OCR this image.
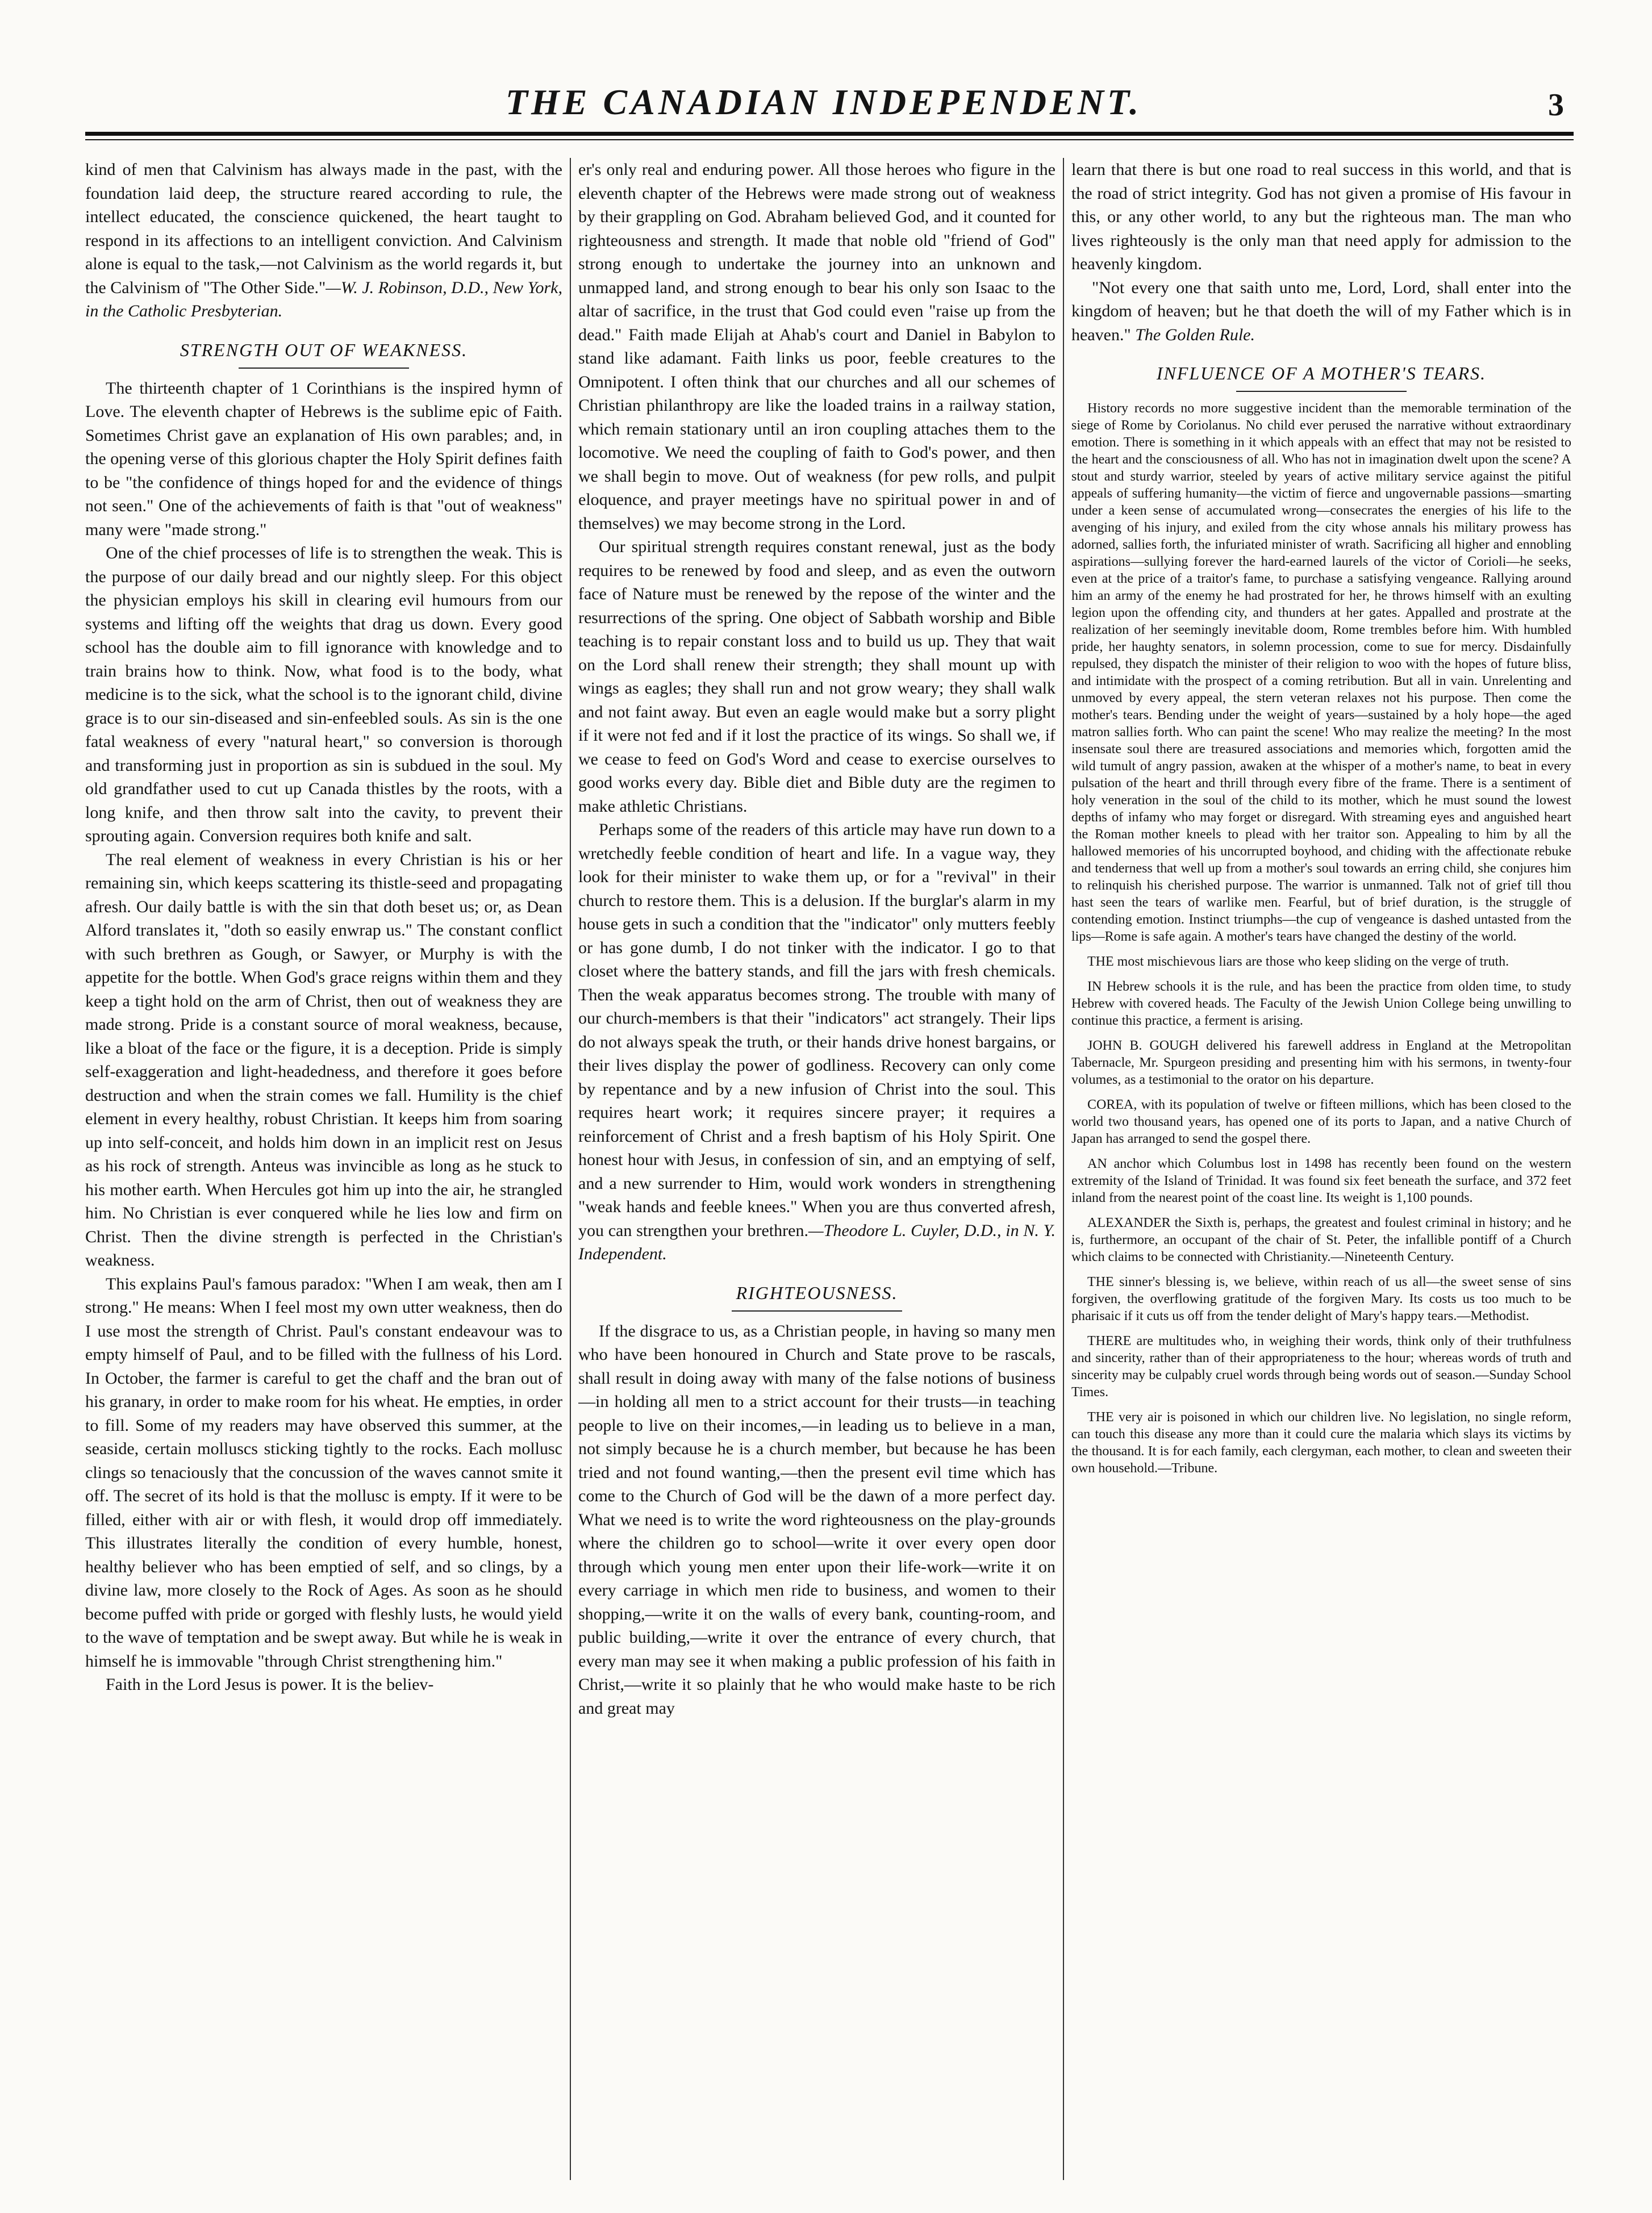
THE CANADIAN INDEPENDENT.	3

kind of men that Calvinism has always made in the past, with the foundation laid deep, the structure reared according to rule, the intellect educated, the conscience quickened, the heart taught to respond in its affections to an intelligent conviction. And Calvinism alone is equal to the task,—not Calvinism as the world regards it, but the Calvinism of "The Other Side."—W. J. Robinson, D.D., New York, in the Catholic Presbyterian.

STRENGTH OUT OF WEAKNESS.

The thirteenth chapter of 1 Corinthians is the inspired hymn of Love. The eleventh chapter of Hebrews is the sublime epic of Faith. Sometimes Christ gave an explanation of His own parables; and, in the opening verse of this glorious chapter the Holy Spirit defines faith to be "the confidence of things hoped for and the evidence of things not seen." One of the achievements of faith is that "out of weakness" many were "made strong."

One of the chief processes of life is to strengthen the weak. This is the purpose of our daily bread and our nightly sleep. For this object the physician employs his skill in clearing evil humours from our systems and lifting off the weights that drag us down. Every good school has the double aim to fill ignorance with knowledge and to train brains how to think. Now, what food is to the body, what medicine is to the sick, what the school is to the ignorant child, divine grace is to our sin-diseased and sin-enfeebled souls. As sin is the one fatal weakness of every "natural heart," so conversion is thorough and transforming just in proportion as sin is subdued in the soul. My old grandfather used to cut up Canada thistles by the roots, with a long knife, and then throw salt into the cavity, to prevent their sprouting again. Conversion requires both knife and salt.

The real element of weakness in every Christian is his or her remaining sin, which keeps scattering its thistle-seed and propagating afresh. Our daily battle is with the sin that doth beset us; or, as Dean Alford translates it, "doth so easily enwrap us." The constant conflict with such brethren as Gough, or Sawyer, or Murphy is with the appetite for the bottle. When God's grace reigns within them and they keep a tight hold on the arm of Christ, then out of weakness they are made strong. Pride is a constant source of moral weakness, because, like a bloat of the face or the figure, it is a deception. Pride is simply self-exaggeration and light-headedness, and therefore it goes before destruction and when the strain comes we fall. Humility is the chief element in every healthy, robust Christian. It keeps him from soaring up into self-conceit, and holds him down in an implicit rest on Jesus as his rock of strength. Anteus was invincible as long as he stuck to his mother earth. When Hercules got him up into the air, he strangled him. No Christian is ever conquered while he lies low and firm on Christ. Then the divine strength is perfected in the Christian's weakness.

This explains Paul's famous paradox: "When I am weak, then am I strong." He means: When I feel most my own utter weakness, then do I use most the strength of Christ. Paul's constant endeavour was to empty himself of Paul, and to be filled with the fullness of his Lord. In October, the farmer is careful to get the chaff and the bran out of his granary, in order to make room for his wheat. He empties, in order to fill. Some of my readers may have observed this summer, at the seaside, certain molluscs sticking tightly to the rocks. Each mollusc clings so tenaciously that the concussion of the waves cannot smite it off. The secret of its hold is that the mollusc is empty. If it were to be filled, either with air or with flesh, it would drop off immediately. This illustrates literally the condition of every humble, honest, healthy believer who has been emptied of self, and so clings, by a divine law, more closely to the Rock of Ages. As soon as he should become puffed with pride or gorged with fleshly lusts, he would yield to the wave of temptation and be swept away. But while he is weak in himself he is immovable "through Christ strengthening him."

Faith in the Lord Jesus is power. It is the believ-

er's only real and enduring power. All those heroes who figure in the eleventh chapter of the Hebrews were made strong out of weakness by their grappling on God. Abraham believed God, and it counted for righteousness and strength. It made that noble old "friend of God" strong enough to undertake the journey into an unknown and unmapped land, and strong enough to bear his only son Isaac to the altar of sacrifice, in the trust that God could even "raise up from the dead." Faith made Elijah at Ahab's court and Daniel in Babylon to stand like adamant. Faith links us poor, feeble creatures to the Omnipotent. I often think that our churches and all our schemes of Christian philanthropy are like the loaded trains in a railway station, which remain stationary until an iron coupling attaches them to the locomotive. We need the coupling of faith to God's power, and then we shall begin to move. Out of weakness (for pew rolls, and pulpit eloquence, and prayer meetings have no spiritual power in and of themselves) we may become strong in the Lord.

Our spiritual strength requires constant renewal, just as the body requires to be renewed by food and sleep, and as even the outworn face of Nature must be renewed by the repose of the winter and the resurrections of the spring. One object of Sabbath worship and Bible teaching is to repair constant loss and to build us up. They that wait on the Lord shall renew their strength; they shall mount up with wings as eagles; they shall run and not grow weary; they shall walk and not faint away. But even an eagle would make but a sorry plight if it were not fed and if it lost the practice of its wings. So shall we, if we cease to feed on God's Word and cease to exercise ourselves to good works every day. Bible diet and Bible duty are the regimen to make athletic Christians.

Perhaps some of the readers of this article may have run down to a wretchedly feeble condition of heart and life. In a vague way, they look for their minister to wake them up, or for a "revival" in their church to restore them. This is a delusion. If the burglar's alarm in my house gets in such a condition that the "indicator" only mutters feebly or has gone dumb, I do not tinker with the indicator. I go to that closet where the battery stands, and fill the jars with fresh chemicals. Then the weak apparatus becomes strong. The trouble with many of our church-members is that their "indicators" act strangely. Their lips do not always speak the truth, or their hands drive honest bargains, or their lives display the power of godliness. Recovery can only come by repentance and by a new infusion of Christ into the soul. This requires heart work; it requires sincere prayer; it requires a reinforcement of Christ and a fresh baptism of his Holy Spirit. One honest hour with Jesus, in confession of sin, and an emptying of self, and a new surrender to Him, would work wonders in strengthening "weak hands and feeble knees." When you are thus converted afresh, you can strengthen your brethren.—Theodore L. Cuyler, D.D., in N. Y. Independent.

RIGHTEOUSNESS.

If the disgrace to us, as a Christian people, in having so many men who have been honoured in Church and State prove to be rascals, shall result in doing away with many of the false notions of business—in holding all men to a strict account for their trusts—in teaching people to live on their incomes,—in leading us to believe in a man, not simply because he is a church member, but because he has been tried and not found wanting,—then the present evil time which has come to the Church of God will be the dawn of a more perfect day. What we need is to write the word righteousness on the play-grounds where the children go to school—write it over every open door through which young men enter upon their life-work—write it on every carriage in which men ride to business, and women to their shopping,—write it on the walls of every bank, counting-room, and public building,—write it over the entrance of every church, that every man may see it when making a public profession of his faith in Christ,—write it so plainly that he who would make haste to be rich and great may

learn that there is but one road to real success in this world, and that is the road of strict integrity. God has not given a promise of His favour in this, or any other world, to any but the righteous man. The man who lives righteously is the only man that need apply for admission to the heavenly kingdom.

"Not every one that saith unto me, Lord, Lord, shall enter into the kingdom of heaven; but he that doeth the will of my Father which is in heaven." The Golden Rule.

INFLUENCE OF A MOTHER'S TEARS.

History records no more suggestive incident than the memorable termination of the siege of Rome by Coriolanus. No child ever perused the narrative without extraordinary emotion. There is something in it which appeals with an effect that may not be resisted to the heart and the consciousness of all. Who has not in imagination dwelt upon the scene? A stout and sturdy warrior, steeled by years of active military service against the pitiful appeals of suffering humanity—the victim of fierce and ungovernable passions—smarting under a keen sense of accumulated wrong—consecrates the energies of his life to the avenging of his injury, and exiled from the city whose annals his military prowess has adorned, sallies forth, the infuriated minister of wrath. Sacrificing all higher and ennobling aspirations—sullying forever the hard-earned laurels of the victor of Corioli—he seeks, even at the price of a traitor's fame, to purchase a satisfying vengeance. Rallying around him an army of the enemy he had prostrated for her, he throws himself with an exulting legion upon the offending city, and thunders at her gates. Appalled and prostrate at the realization of her seemingly inevitable doom, Rome trembles before him. With humbled pride, her haughty senators, in solemn procession, come to sue for mercy. Disdainfully repulsed, they dispatch the minister of their religion to woo with the hopes of future bliss, and intimidate with the prospect of a coming retribution. But all in vain. Unrelenting and unmoved by every appeal, the stern veteran relaxes not his purpose. Then come the mother's tears. Bending under the weight of years—sustained by a holy hope—the aged matron sallies forth. Who can paint the scene! Who may realize the meeting? In the most insensate soul there are treasured associations and memories which, forgotten amid the wild tumult of angry passion, awaken at the whisper of a mother's name, to beat in every pulsation of the heart and thrill through every fibre of the frame. There is a sentiment of holy veneration in the soul of the child to its mother, which he must sound the lowest depths of infamy who may forget or disregard. With streaming eyes and anguished heart the Roman mother kneels to plead with her traitor son. Appealing to him by all the hallowed memories of his uncorrupted boyhood, and chiding with the affectionate rebuke and tenderness that well up from a mother's soul towards an erring child, she conjures him to relinquish his cherished purpose. The warrior is unmanned. Talk not of grief till thou hast seen the tears of warlike men. Fearful, but of brief duration, is the struggle of contending emotion. Instinct triumphs—the cup of vengeance is dashed untasted from the lips—Rome is safe again. A mother's tears have changed the destiny of the world.

THE most mischievous liars are those who keep sliding on the verge of truth.

IN Hebrew schools it is the rule, and has been the practice from olden time, to study Hebrew with covered heads. The Faculty of the Jewish Union College being unwilling to continue this practice, a ferment is arising.

JOHN B. GOUGH delivered his farewell address in England at the Metropolitan Tabernacle, Mr. Spurgeon presiding and presenting him with his sermons, in twenty-four volumes, as a testimonial to the orator on his departure.

COREA, with its population of twelve or fifteen millions, which has been closed to the world two thousand years, has opened one of its ports to Japan, and a native Church of Japan has arranged to send the gospel there.

AN anchor which Columbus lost in 1498 has recently been found on the western extremity of the Island of Trinidad. It was found six feet beneath the surface, and 372 feet inland from the nearest point of the coast line. Its weight is 1,100 pounds.

ALEXANDER the Sixth is, perhaps, the greatest and foulest criminal in history; and he is, furthermore, an occupant of the chair of St. Peter, the infallible pontiff of a Church which claims to be connected with Christianity.—Nineteenth Century.

THE sinner's blessing is, we believe, within reach of us all—the sweet sense of sins forgiven, the overflowing gratitude of the forgiven Mary. Its costs us too much to be pharisaic if it cuts us off from the tender delight of Mary's happy tears.—Methodist.

THERE are multitudes who, in weighing their words, think only of their truthfulness and sincerity, rather than of their appropriateness to the hour; whereas words of truth and sincerity may be culpably cruel words through being words out of season.—Sunday School Times.

THE very air is poisoned in which our children live. No legislation, no single reform, can touch this disease any more than it could cure the malaria which slays its victims by the thousand. It is for each family, each clergyman, each mother, to clean and sweeten their own household.—Tribune.
